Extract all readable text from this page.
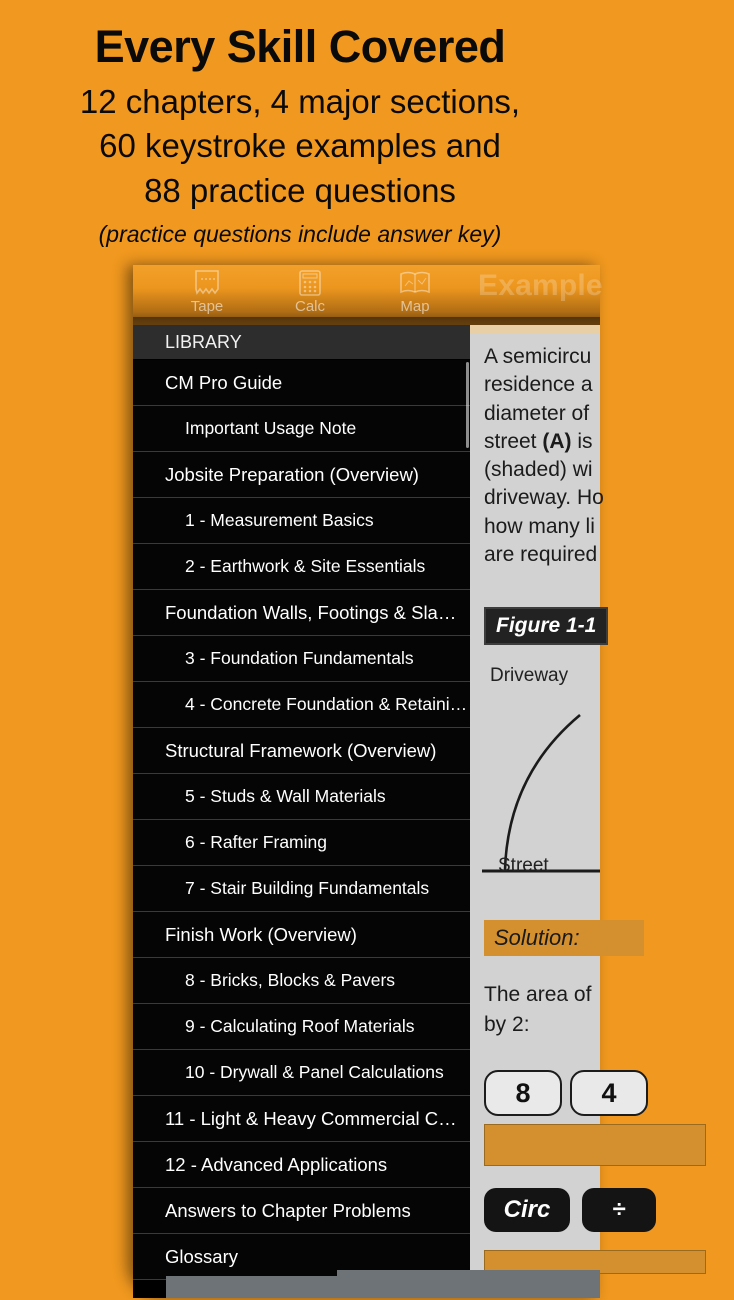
Every Skill Covered
12 chapters, 4 major sections,
60 keystroke examples and
88 practice questions
(practice questions include answer key)
Tape	Calc	Map
Example
LIBRARY
CM Pro Guide
Important Usage Note
Jobsite Preparation (Overview)
1 - Measurement Basics
2 - Earthwork & Site Essentials
Foundation Walls, Footings & Sla…
3 - Foundation Fundamentals
4 - Concrete Foundation & Retaini…
Structural Framework (Overview)
5 - Studs & Wall Materials
6 - Rafter Framing
7 - Stair Building Fundamentals
Finish Work (Overview)
8 - Bricks, Blocks & Pavers
9 - Calculating Roof Materials
10 - Drywall & Panel Calculations
11 - Light & Heavy Commercial C…
12 - Advanced Applications
Answers to Chapter Problems
Glossary
A semicircu
residence a
diameter of
street (A) is
(shaded) wi
driveway. Ho
how many li
are required
Figure 1-1
Driveway
Street
Solution:
The area of
by 2:
8	4
Circ	÷
